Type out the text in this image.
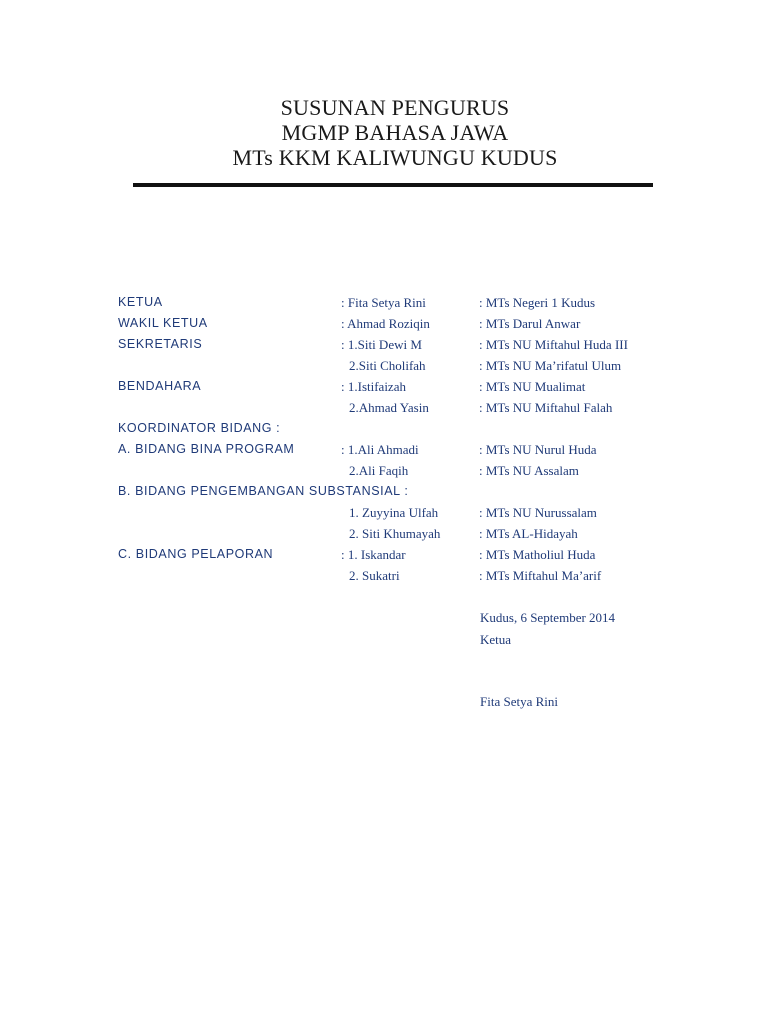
SUSUNAN PENGURUS
MGMP BAHASA JAWA
MTs KKM KALIWUNGU KUDUS
KETUA	: Fita Setya Rini	: MTs Negeri 1 Kudus
WAKIL KETUA	: Ahmad Roziqin	: MTs Darul Anwar
SEKRETARIS	: 1.Siti Dewi M	: MTs NU Miftahul Huda III
2.Siti Cholifah	: MTs NU Ma’rifatul Ulum
BENDAHARA	: 1.Istifaizah	: MTs NU Mualimat
2.Ahmad Yasin	: MTs NU Miftahul Falah
KOORDINATOR BIDANG :
A. BIDANG BINA PROGRAM	: 1.Ali Ahmadi	: MTs NU Nurul Huda
2.Ali Faqih	: MTs NU Assalam
B. BIDANG PENGEMBANGAN SUBSTANSIAL :
1. Zuyyina Ulfah	: MTs NU Nurussalam
2. Siti Khumayah	: MTs AL-Hidayah
C. BIDANG PELAPORAN	: 1. Iskandar	: MTs Matholiul Huda
2. Sukatri	: MTs Miftahul Ma’arif
Kudus, 6 September 2014
Ketua
Fita Setya Rini
